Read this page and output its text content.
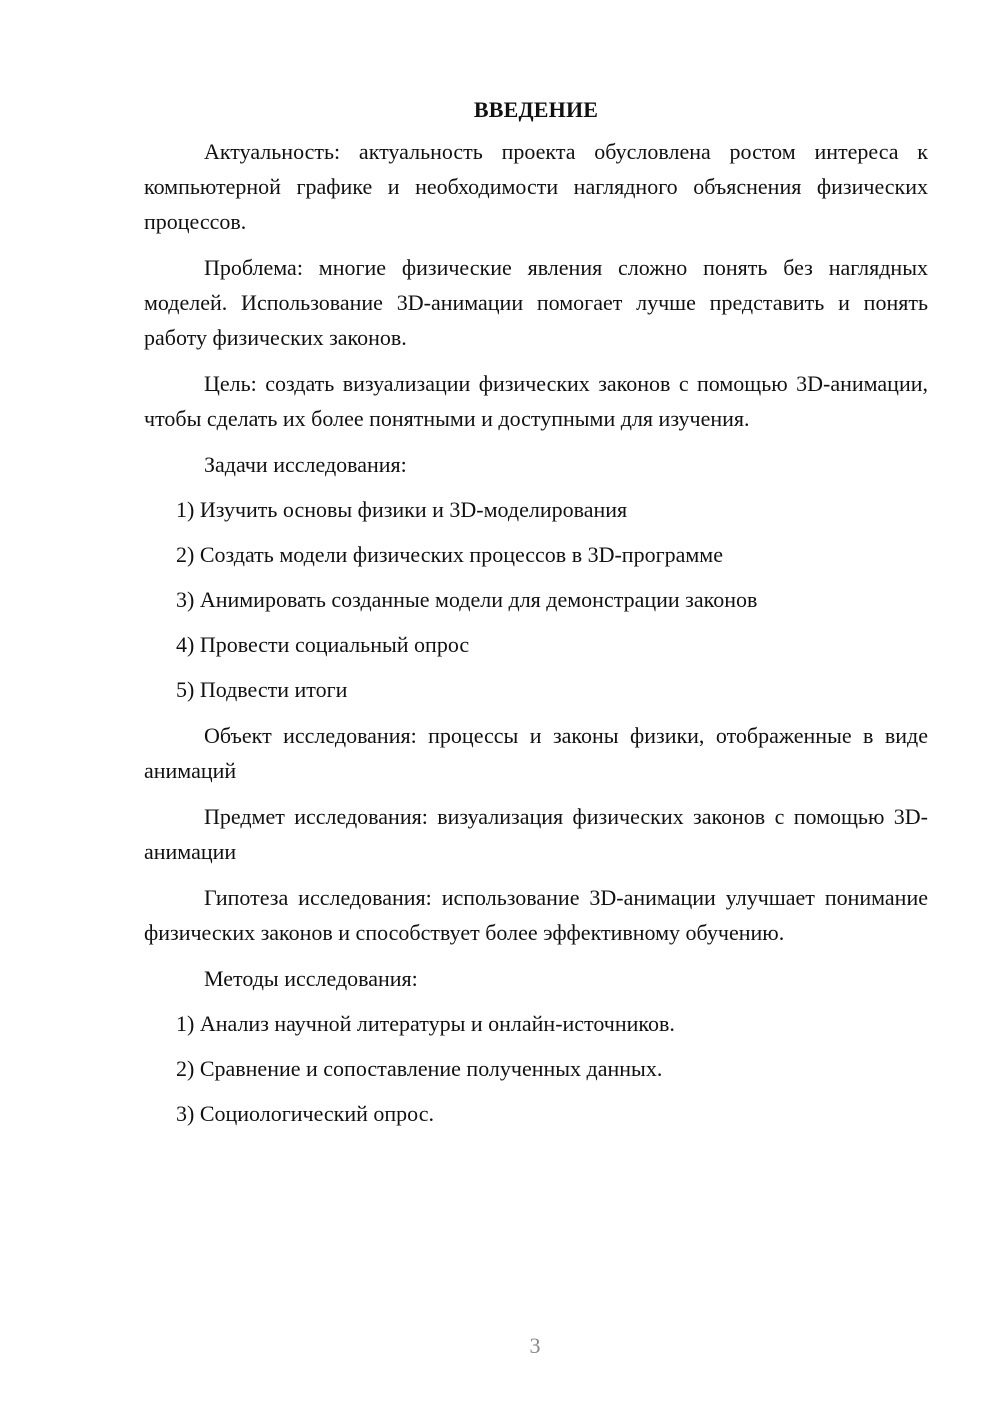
ВВЕДЕНИЕ

Актуальность: актуальность проекта обусловлена ростом интереса к компьютерной графике и необходимости наглядного объяснения физических процессов.

Проблема: многие физические явления сложно понять без наглядных моделей. Использование 3D-анимации помогает лучше представить и понять работу физических законов.

Цель: создать визуализации физических законов с помощью 3D-анимации, чтобы сделать их более понятными и доступными для изучения.

Задачи исследования:
1) Изучить основы физики и 3D-моделирования
2) Создать модели физических процессов в 3D-программе
3) Анимировать созданные модели для демонстрации законов
4) Провести социальный опрос
5) Подвести итоги

Объект исследования: процессы и законы физики, отображенные в виде анимаций

Предмет исследования: визуализация физических законов с помощью 3D-анимации

Гипотеза исследования: использование 3D-анимации улучшает понимание физических законов и способствует более эффективному обучению.

Методы исследования:
1) Анализ научной литературы и онлайн-источников.
2) Сравнение и сопоставление полученных данных.
3) Социологический опрос.
3
